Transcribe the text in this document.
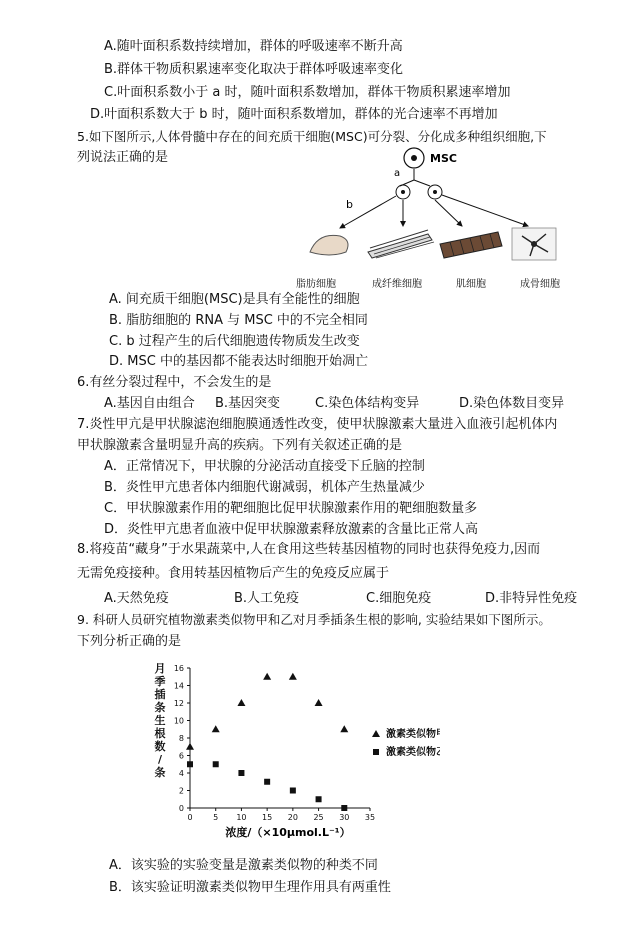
A.随叶面积系数持续增加，群体的呼吸速率不断升高
B.群体干物质积累速率变化取决于群体呼吸速率变化
C.叶面积系数小于 a 时，随叶面积系数增加，群体干物质积累速率增加
D.叶面积系数大于 b 时，随叶面积系数增加，群体的光合速率不再增加
5.如下图所示,人体骨髓中存在的间充质干细胞(MSC)可分裂、分化成多种组织细胞,下
列说法正确的是	MSC
a
b
脂肪细胞	成纤维细胞	肌细胞	成骨细胞
A. 间充质干细胞(MSC)是具有全能性的细胞
B. 脂肪细胞的 RNA 与 MSC 中的不完全相同
C. b 过程产生的后代细胞遗传物质发生改变
D. MSC 中的基因都不能表达时细胞开始凋亡
6.有丝分裂过程中，不会发生的是
A.基因自由组合 B.基因突变	C.染色体结构变异	D.染色体数目变异
7.炎性甲亢是甲状腺滤泡细胞膜通透性改变，使甲状腺激素大量进入血液引起机体内
甲状腺激素含量明显升高的疾病。下列有关叙述正确的是
A．正常情况下，甲状腺的分泌活动直接受下丘脑的控制
B．炎性甲亢患者体内细胞代谢减弱，机体产生热量减少
C．甲状腺激素作用的靶细胞比促甲状腺激素作用的靶细胞数量多
D．炎性甲亢患者血液中促甲状腺激素释放激素的含量比正常人高
8.将疫苗“藏身”于水果蔬菜中,人在食用这些转基因植物的同时也获得免疫力,因而
无需免疫接种。食用转基因植物后产生的免疫反应属于
A.天然免疫	B.人工免疫	C.细胞免疫	D.非特异性免疫
9. 科研人员研究植物激素类似物甲和乙对月季插条生根的影响, 实验结果如下图所示。
下列分析正确的是
0
2
4
6
8
10
12
14
16
0	5 10 15 20 25 30 35
浓度/（×10μmol.L⁻¹）
月
季
插
条
生
根
数
/
条
激素类似物甲
激素类似物乙
A．该实验的实验变量是激素类似物的种类不同
B．该实验证明激素类似物甲生理作用具有两重性
